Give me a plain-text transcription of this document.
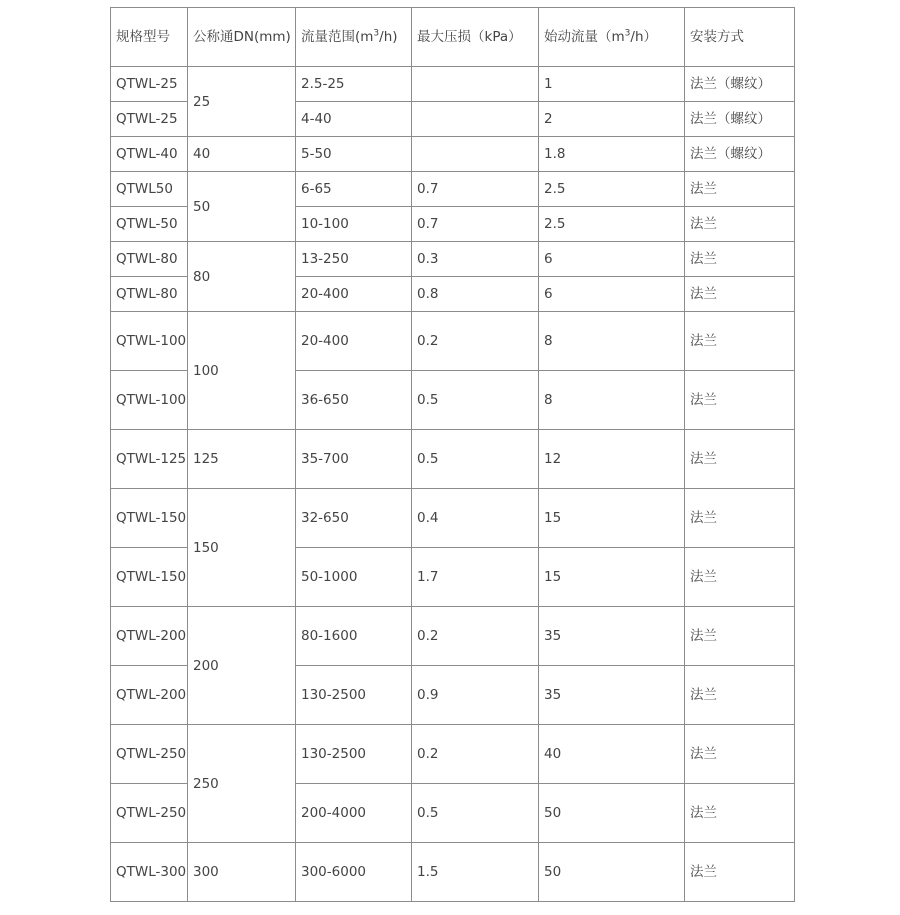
规格型号	公称通DN(mm)	流量范围$(m^3/h)$	最大压损（kPa）	始动流量$(m^3/h)$	安装方式
QTWL-25	25	2.5-25		1	法兰（螺纹）
QTWL-25		4-40		2	法兰（螺纹）
QTWL-40	40	5-50		1.8	法兰（螺纹）
QTWL50	50	6-65	0.7	2.5	法兰
QTWL-50		10-100	0.7	2.5	法兰
QTWL-80	80	13-250	0.3	6	法兰
QTWL-80		20-400	0.8	6	法兰
QTWL-100	100	20-400	0.2	8	法兰
QTWL-100		36-650	0.5	8	法兰
QTWL-125	125	35-700	0.5	12	法兰
QTWL-150	150	32-650	0.4	15	法兰
QTWL-150		50-1000	1.7	15	法兰
QTWL-200	200	80-1600	0.2	35	法兰
QTWL-200		130-2500	0.9	35	法兰
QTWL-250	250	130-2500	0.2	40	法兰
QTWL-250		200-4000	0.5	50	法兰
QTWL-300	300	300-6000	1.5	50	法兰
